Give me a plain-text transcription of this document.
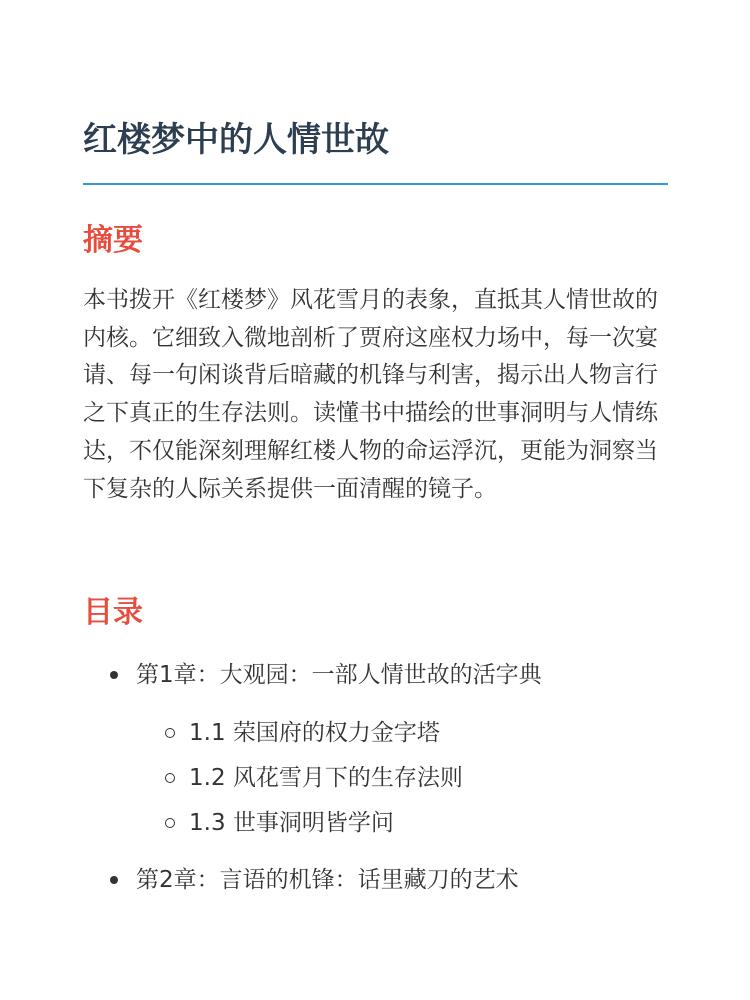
红楼梦中的人情世故
摘要

本书拨开《红楼梦》风花雪月的表象，直抵其人情世故的内核。它细致入微地剖析了贾府这座权力场中，每一次宴请、每一句闲谈背后暗藏的机锋与利害，揭示出人物言行之下真正的生存法则。读懂书中描绘的世事洞明与人情练达，不仅能深刻理解红楼人物的命运浮沉，更能为洞察当下复杂的人际关系提供一面清醒的镜子。

目录
第1章：大观园：一部人情世故的活字典
1.1 荣国府的权力金字塔
1.2 风花雪月下的生存法则
1.3 世事洞明皆学问
第2章：言语的机锋：话里藏刀的艺术
